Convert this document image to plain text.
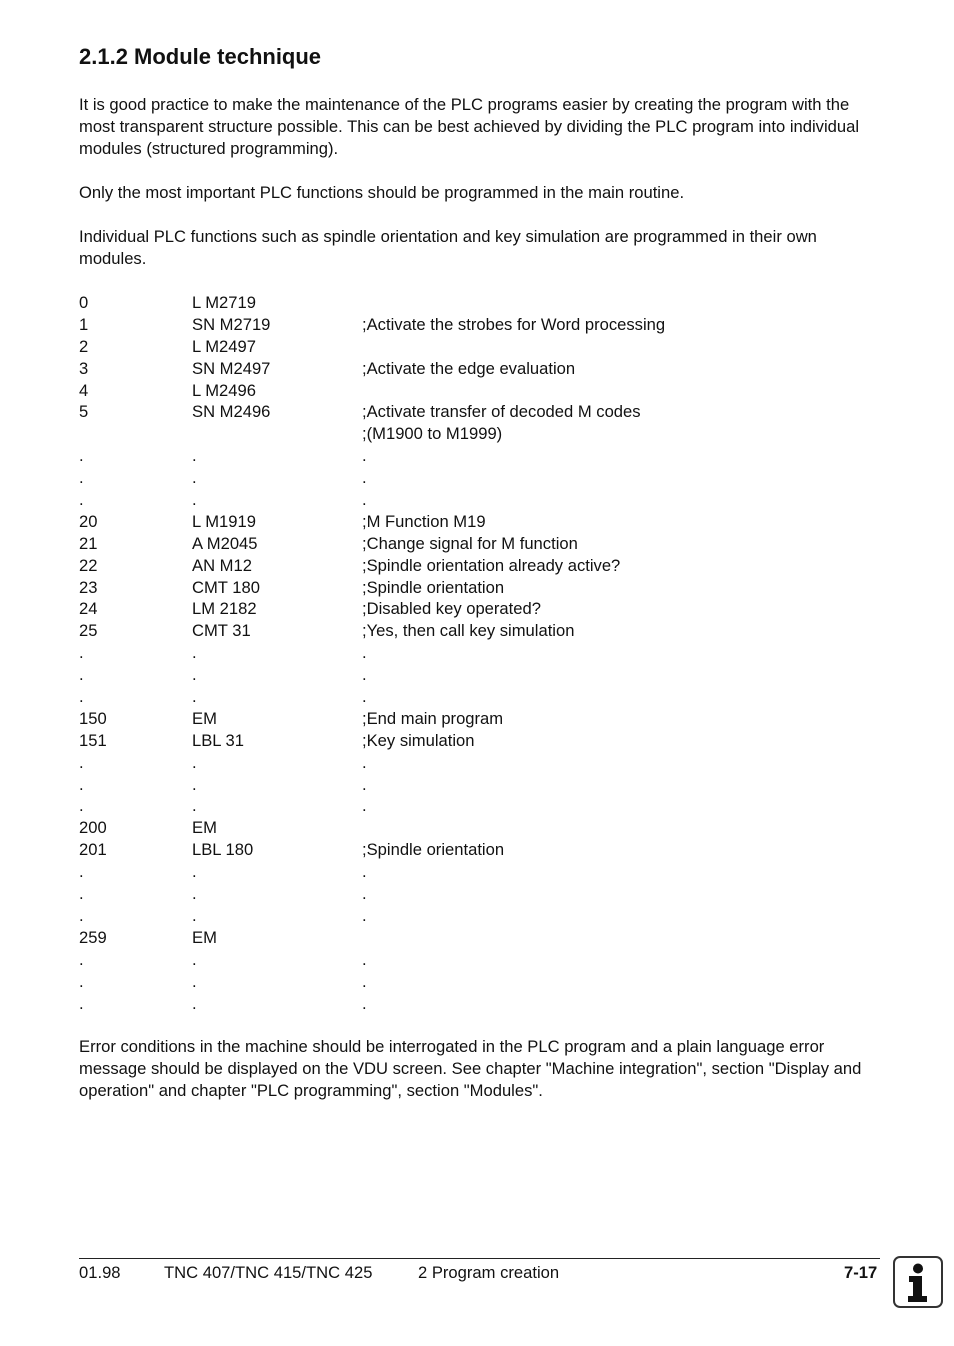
2.1.2 Module technique

It is good practice to make the maintenance of the PLC programs easier by creating the program with the most transparent structure possible. This can be best achieved by dividing the PLC program into individual modules (structured programming).

Only the most important PLC functions should be programmed in the main routine.

Individual PLC functions such as spindle orientation and key simulation are programmed in their own modules.

0	L M2719
1	SN M2719	;Activate the strobes for Word processing
2	L M2497
3	SN M2497	;Activate the edge evaluation
4	L M2496
5	SN M2496	;Activate transfer of decoded M codes
;(M1900 to M1999)
.	.	.
.	.	.
.	.	.
20	L M1919	;M Function M19
21	A M2045	;Change signal for M function
22	AN M12	;Spindle orientation already active?
23	CMT 180	;Spindle orientation
24	LM 2182	;Disabled key operated?
25	CMT 31	;Yes, then call key simulation
.	.	.
.	.	.
.	.	.
150	EM	;End main program
151	LBL 31	;Key simulation
.	.	.
.	.	.
.	.	.
200	EM
201	LBL 180	;Spindle orientation
.	.	.
.	.	.
.	.	.
259	EM
.	.	.
.	.	.
.	.	.

Error conditions in the machine should be interrogated in the PLC program and a plain language error message should be displayed on the VDU screen. See chapter "Machine integration", section "Display and operation" and chapter "PLC programming", section "Modules".

01.98	TNC 407/TNC 415/TNC 425	2 Program creation	7-17
